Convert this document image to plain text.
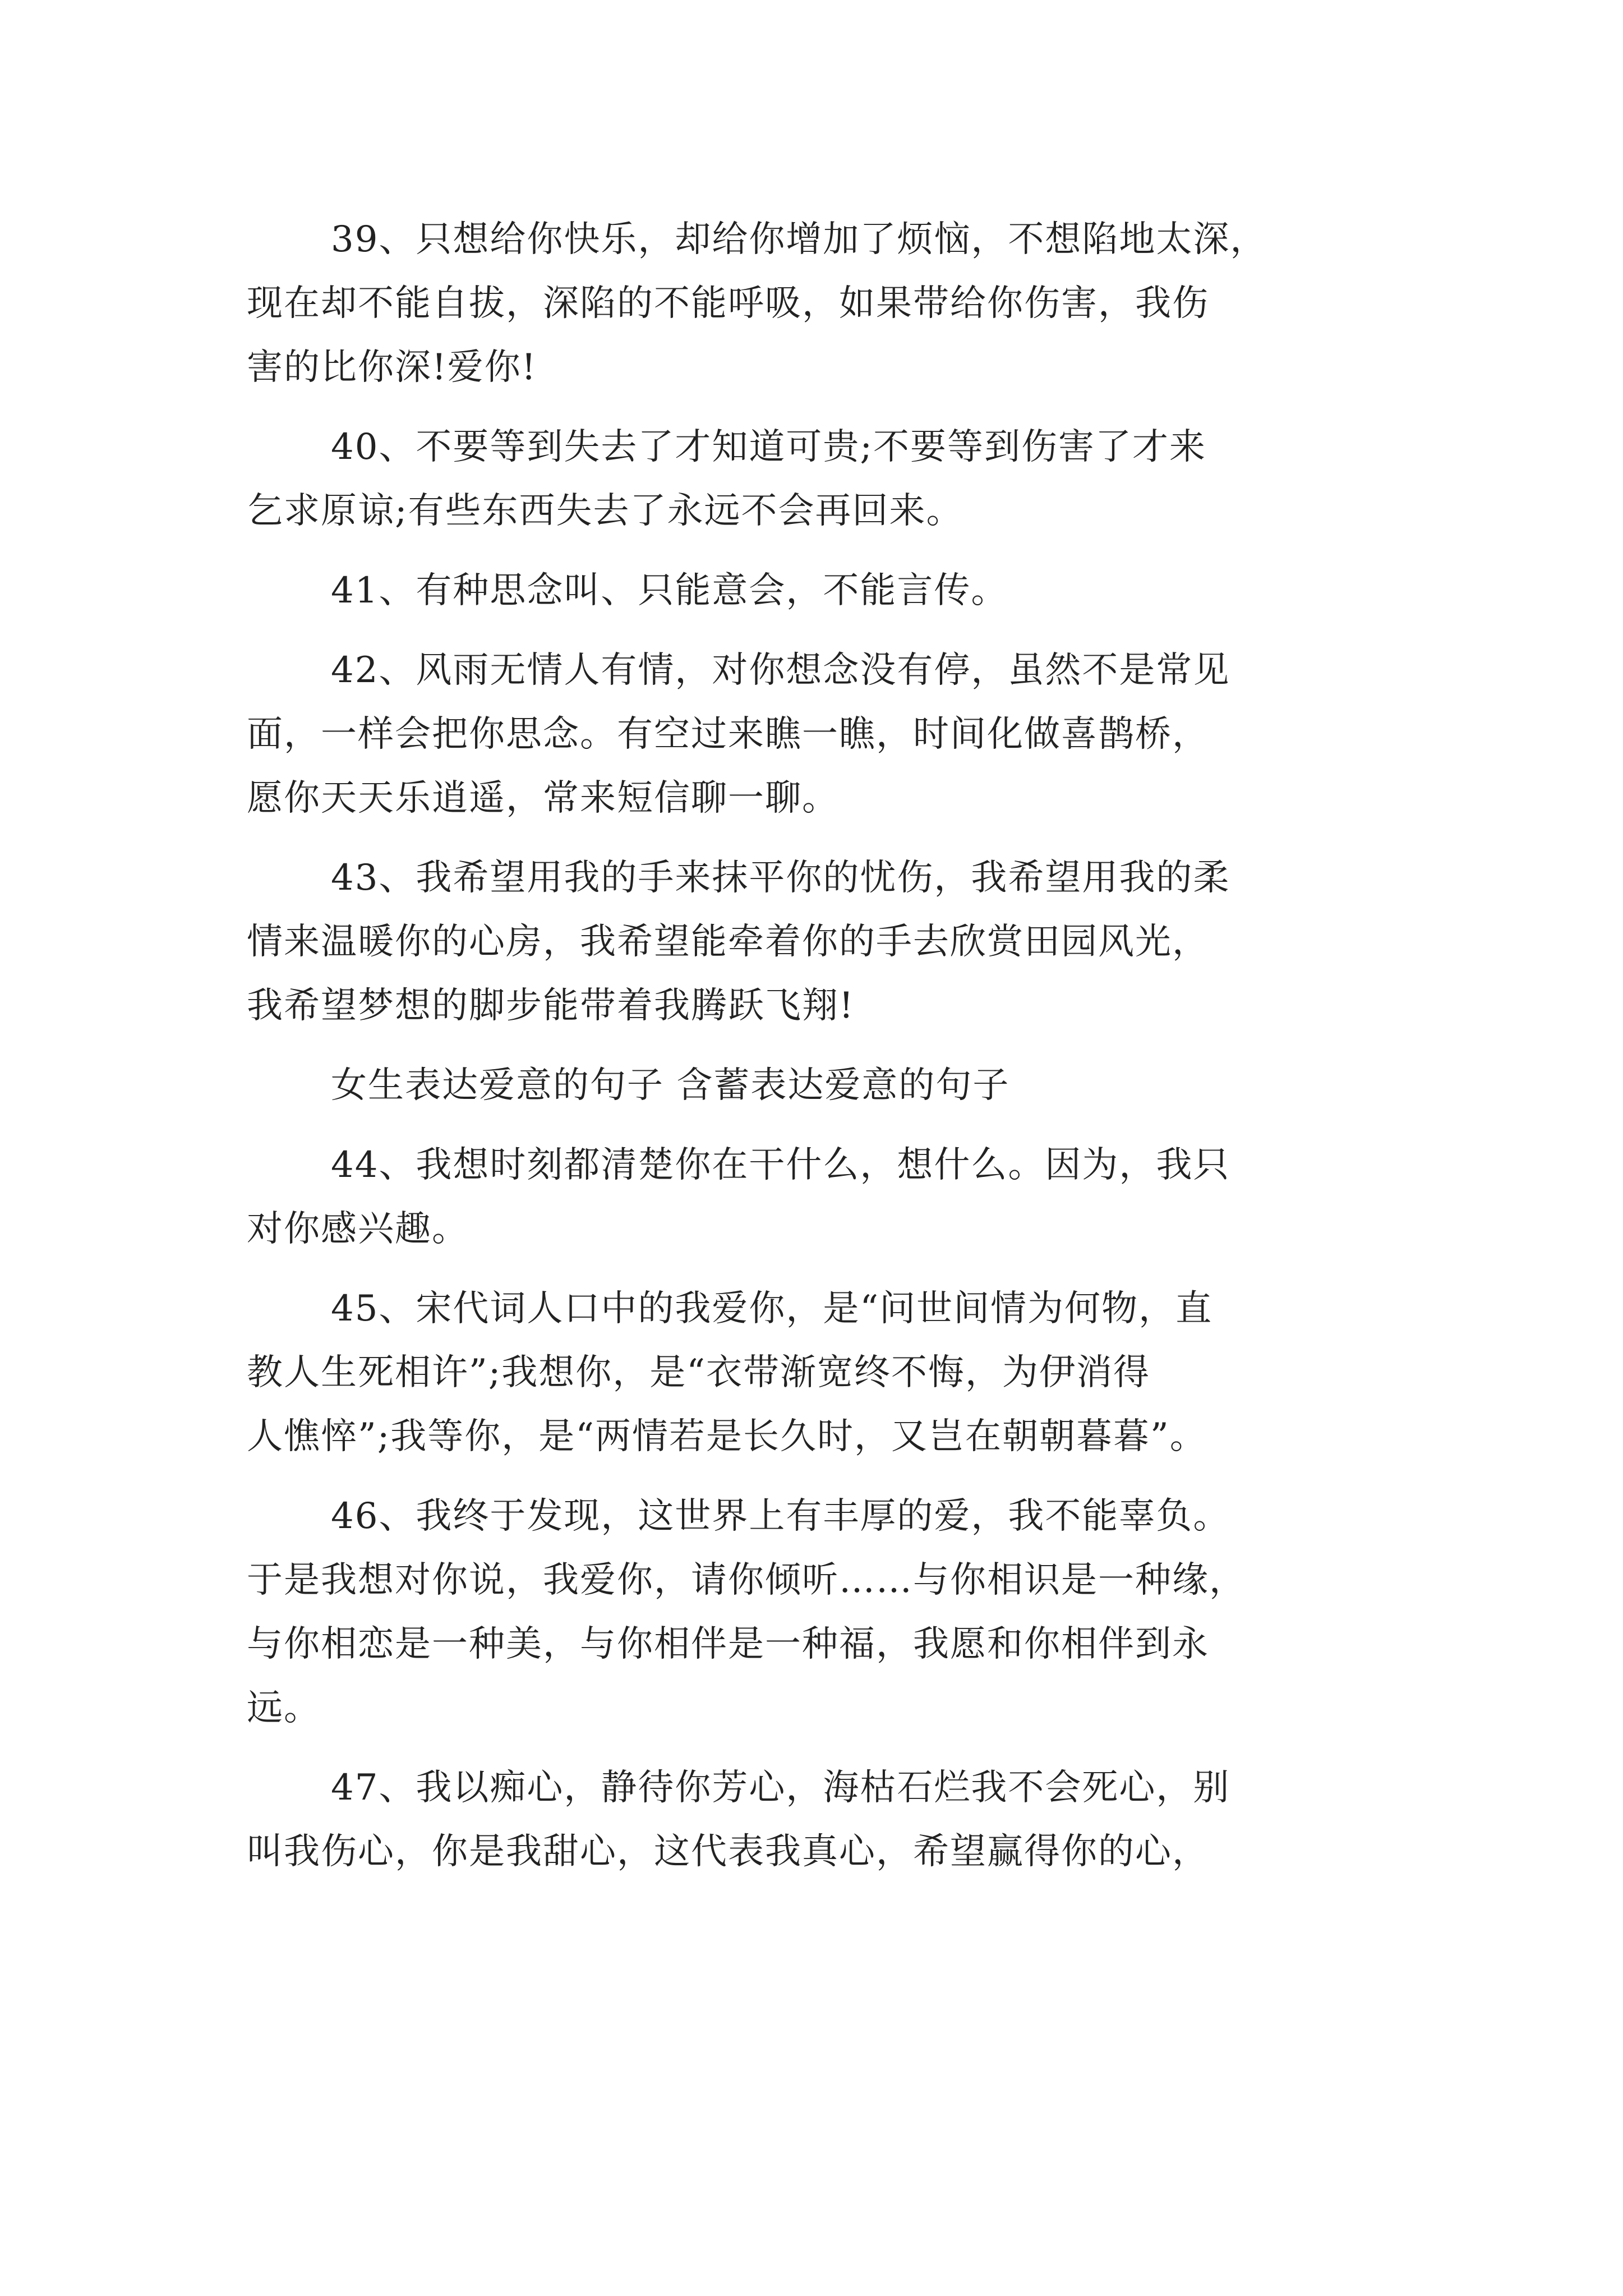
39、只想给你快乐，却给你增加了烦恼，不想陷地太深，
现在却不能自拔，深陷的不能呼吸，如果带给你伤害，我伤
害的比你深!爱你!
40、不要等到失去了才知道可贵;不要等到伤害了才来
乞求原谅;有些东西失去了永远不会再回来。
41、有种思念叫、只能意会，不能言传。
42、风雨无情人有情，对你想念没有停，虽然不是常见
面，一样会把你思念。有空过来瞧一瞧，时间化做喜鹊桥，
愿你天天乐逍遥，常来短信聊一聊。
43、我希望用我的手来抹平你的忧伤，我希望用我的柔
情来温暖你的心房，我希望能牵着你的手去欣赏田园风光，
我希望梦想的脚步能带着我腾跃飞翔!
女生表达爱意的句子 含蓄表达爱意的句子
44、我想时刻都清楚你在干什么，想什么。因为，我只
对你感兴趣。
45、宋代词人口中的我爱你，是“问世间情为何物，直
教人生死相许”;我想你，是“衣带渐宽终不悔，为伊消得
人憔悴”;我等你，是“两情若是长久时，又岂在朝朝暮暮”。
46、我终于发现，这世界上有丰厚的爱，我不能辜负。
于是我想对你说，我爱你，请你倾听……与你相识是一种缘，
与你相恋是一种美，与你相伴是一种福，我愿和你相伴到永
远。
47、我以痴心，静待你芳心，海枯石烂我不会死心，别
叫我伤心，你是我甜心，这代表我真心，希望赢得你的心，
